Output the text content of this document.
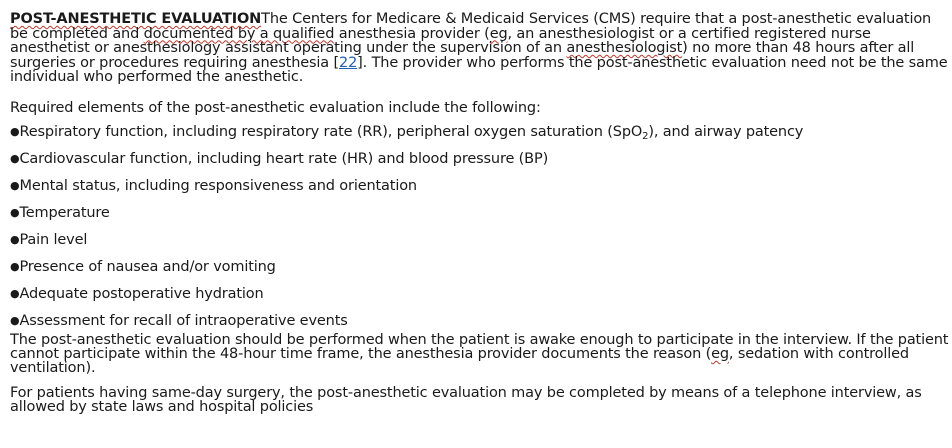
POST-ANESTHETIC EVALUATIONThe Centers for Medicare & Medicaid Services (CMS) require that a post-anesthetic evaluation be completed and documented by a qualified anesthesia provider (eg, an anesthesiologist or a certified registered nurse anesthetist or anesthesiology assistant operating under the supervision of an anesthesiologist) no more than 48 hours after all surgeries or procedures requiring anesthesia [22]. The provider who performs the post-anesthetic evaluation need not be the same individual who performed the anesthetic.

Required elements of the post-anesthetic evaluation include the following:

●Respiratory function, including respiratory rate (RR), peripheral oxygen saturation (SpO$_2$), and airway patency
●Cardiovascular function, including heart rate (HR) and blood pressure (BP)
●Mental status, including responsiveness and orientation
●Temperature
●Pain level
●Presence of nausea and/or vomiting
●Adequate postoperative hydration
●Assessment for recall of intraoperative events

The post-anesthetic evaluation should be performed when the patient is awake enough to participate in the interview. If the patient cannot participate within the 48-hour time frame, the anesthesia provider documents the reason (eg, sedation with controlled ventilation).

For patients having same-day surgery, the post-anesthetic evaluation may be completed by means of a telephone interview, as allowed by state laws and hospital policies
